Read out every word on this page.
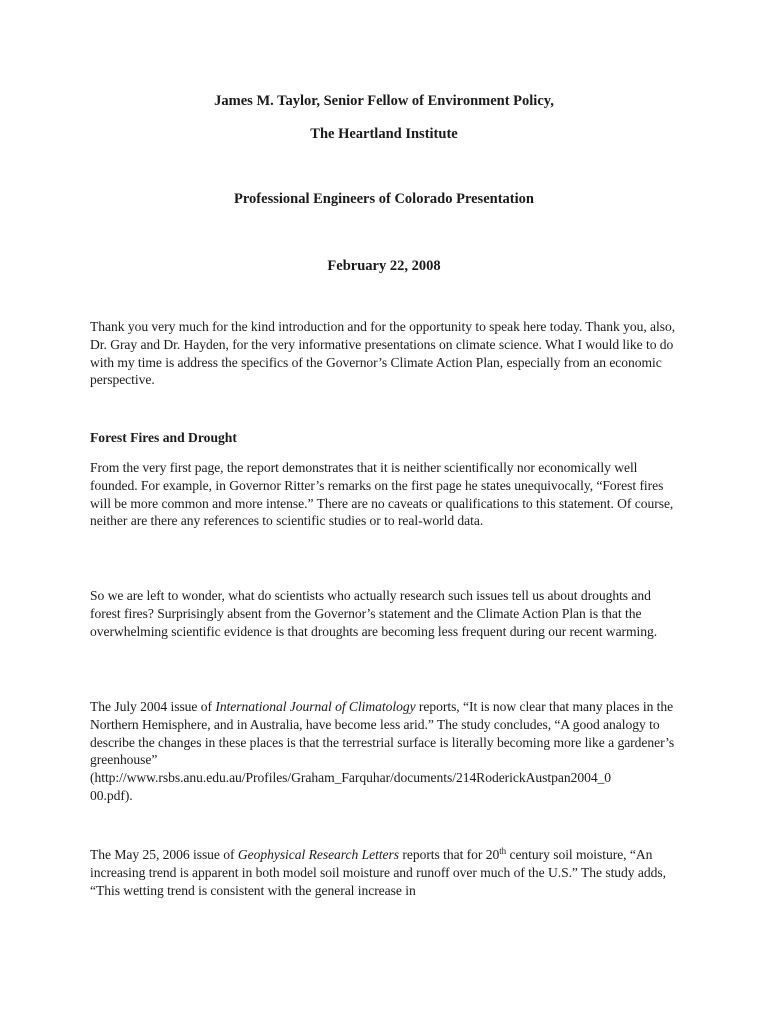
James M. Taylor, Senior Fellow of Environment Policy,

The Heartland Institute

Professional Engineers of Colorado Presentation

February 22, 2008

Thank you very much for the kind introduction and for the opportunity to speak here today. Thank you, also, Dr. Gray and Dr. Hayden, for the very informative presentations on climate science. What I would like to do with my time is address the specifics of the Governor’s Climate Action Plan, especially from an economic perspective.

Forest Fires and Drought

From the very first page, the report demonstrates that it is neither scientifically nor economically well founded. For example, in Governor Ritter’s remarks on the first page he states unequivocally, “Forest fires will be more common and more intense.” There are no caveats or qualifications to this statement. Of course, neither are there any references to scientific studies or to real-world data.

So we are left to wonder, what do scientists who actually research such issues tell us about droughts and forest fires? Surprisingly absent from the Governor’s statement and the Climate Action Plan is that the overwhelming scientific evidence is that droughts are becoming less frequent during our recent warming.

The July 2004 issue of International Journal of Climatology reports, “It is now clear that many places in the Northern Hemisphere, and in Australia, have become less arid.” The study concludes, “A good analogy to describe the changes in these places is that the terrestrial surface is literally becoming more like a gardener’s greenhouse”
(http://www.rsbs.anu.edu.au/Profiles/Graham_Farquhar/documents/214RoderickAustpan2004_0
00.pdf).

The May 25, 2006 issue of Geophysical Research Letters reports that for 20th century soil moisture, “An increasing trend is apparent in both model soil moisture and runoff over much of the U.S.” The study adds, “This wetting trend is consistent with the general increase in
